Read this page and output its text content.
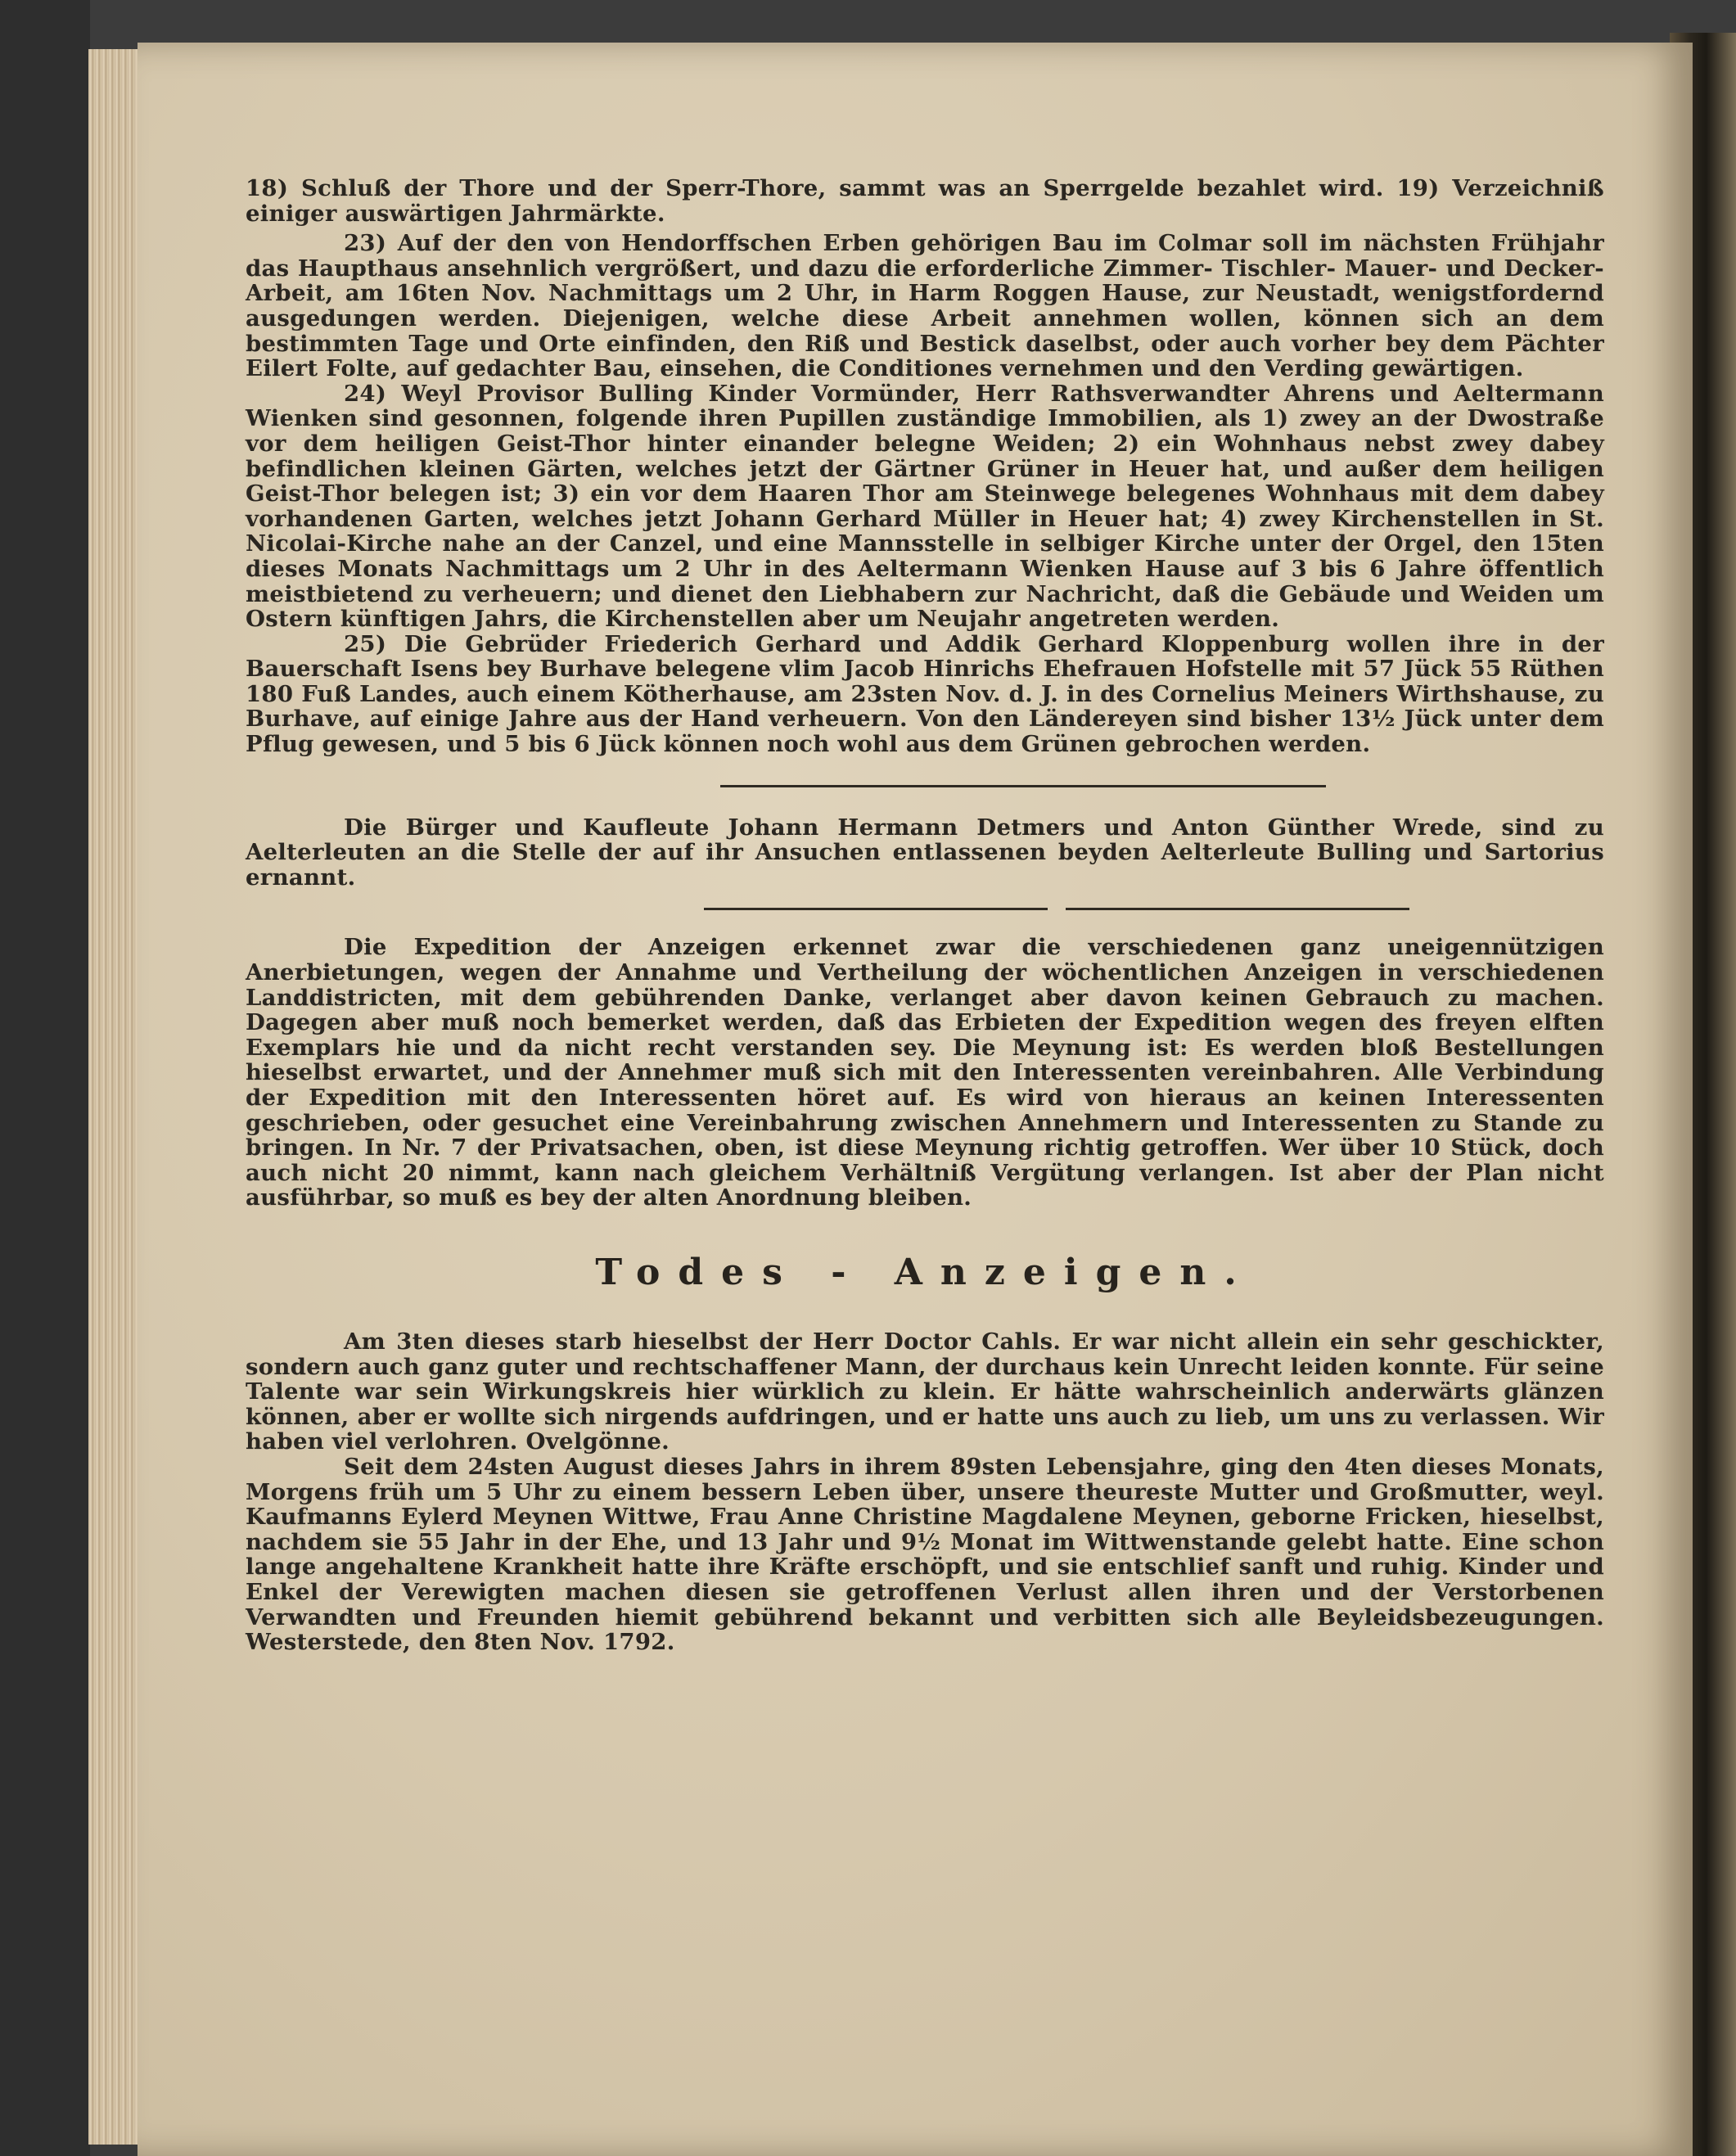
18) Schluß der Thore und der Sperr-Thore, sammt was an Sperrgelde bezahlet wird. 19) Verzeichniß einiger auswärtigen Jahrmärkte.

23) Auf der den von Hendorffschen Erben gehörigen Bau im Colmar soll im nächsten Frühjahr das Haupthaus ansehnlich vergrößert, und dazu die erforderliche Zimmer- Tischler- Mauer- und Decker-Arbeit, am 16ten Nov. Nachmittags um 2 Uhr, in Harm Roggen Hause, zur Neustadt, wenigstfordernd ausgedungen werden. Diejenigen, welche diese Arbeit annehmen wollen, können sich an dem bestimmten Tage und Orte einfinden, den Riß und Bestick daselbst, oder auch vorher bey dem Pächter Eilert Folte, auf gedachter Bau, einsehen, die Conditiones vernehmen und den Verding gewärtigen.

24) Weyl Provisor Bulling Kinder Vormünder, Herr Rathsverwandter Ahrens und Aeltermann Wienken sind gesonnen, folgende ihren Pupillen zuständige Immobilien, als 1) zwey an der Dwostraße vor dem heiligen Geist-Thor hinter einander belegne Weiden; 2) ein Wohnhaus nebst zwey dabey befindlichen kleinen Gärten, welches jetzt der Gärtner Grüner in Heuer hat, und außer dem heiligen Geist-Thor belegen ist; 3) ein vor dem Haaren Thor am Steinwege belegenes Wohnhaus mit dem dabey vorhandenen Garten, welches jetzt Johann Gerhard Müller in Heuer hat; 4) zwey Kirchenstellen in St. Nicolai-Kirche nahe an der Canzel, und eine Mannsstelle in selbiger Kirche unter der Orgel, den 15ten dieses Monats Nachmittags um 2 Uhr in des Aeltermann Wienken Hause auf 3 bis 6 Jahre öffentlich meistbietend zu verheuern; und dienet den Liebhabern zur Nachricht, daß die Gebäude und Weiden um Ostern künftigen Jahrs, die Kirchenstellen aber um Neujahr angetreten werden.

25) Die Gebrüder Friederich Gerhard und Addik Gerhard Kloppenburg wollen ihre in der Bauerschaft Isens bey Burhave belegene vlim Jacob Hinrichs Ehefrauen Hofstelle mit 57 Jück 55 Rüthen 180 Fuß Landes, auch einem Kötherhause, am 23sten Nov. d. J. in des Cornelius Meiners Wirthshause, zu Burhave, auf einige Jahre aus der Hand verheuern. Von den Ländereyen sind bisher 13½ Jück unter dem Pflug gewesen, und 5 bis 6 Jück können noch wohl aus dem Grünen gebrochen werden.

Die Bürger und Kaufleute Johann Hermann Detmers und Anton Günther Wrede, sind zu Aelterleuten an die Stelle der auf ihr Ansuchen entlassenen beyden Aelterleute Bulling und Sartorius ernannt.

Die Expedition der Anzeigen erkennet zwar die verschiedenen ganz uneigennützigen Anerbietungen, wegen der Annahme und Vertheilung der wöchentlichen Anzeigen in verschiedenen Landdistricten, mit dem gebührenden Danke, verlanget aber davon keinen Gebrauch zu machen. Dagegen aber muß noch bemerket werden, daß das Erbieten der Expedition wegen des freyen elften Exemplars hie und da nicht recht verstanden sey. Die Meynung ist: Es werden bloß Bestellungen hieselbst erwartet, und der Annehmer muß sich mit den Interessenten vereinbahren. Alle Verbindung der Expedition mit den Interessenten höret auf. Es wird von hieraus an keinen Interessenten geschrieben, oder gesuchet eine Vereinbahrung zwischen Annehmern und Interessenten zu Stande zu bringen. In Nr. 7 der Privatsachen, oben, ist diese Meynung richtig getroffen. Wer über 10 Stück, doch auch nicht 20 nimmt, kann nach gleichem Verhältniß Vergütung verlangen. Ist aber der Plan nicht ausführbar, so muß es bey der alten Anordnung bleiben.

Todes - Anzeigen.

Am 3ten dieses starb hieselbst der Herr Doctor Cahls. Er war nicht allein ein sehr geschickter, sondern auch ganz guter und rechtschaffener Mann, der durchaus kein Unrecht leiden konnte. Für seine Talente war sein Wirkungskreis hier würklich zu klein. Er hätte wahrscheinlich anderwärts glänzen können, aber er wollte sich nirgends aufdringen, und er hatte uns auch zu lieb, um uns zu verlassen. Wir haben viel verlohren. Ovelgönne.

Seit dem 24sten August dieses Jahrs in ihrem 89sten Lebensjahre, ging den 4ten dieses Monats, Morgens früh um 5 Uhr zu einem bessern Leben über, unsere theureste Mutter und Großmutter, weyl. Kaufmanns Eylerd Meynen Wittwe, Frau Anne Christine Magdalene Meynen, geborne Fricken, hieselbst, nachdem sie 55 Jahr in der Ehe, und 13 Jahr und 9½ Monat im Wittwenstande gelebt hatte. Eine schon lange angehaltene Krankheit hatte ihre Kräfte erschöpft, und sie entschlief sanft und ruhig. Kinder und Enkel der Verewigten machen diesen sie getroffenen Verlust allen ihren und der Verstorbenen Verwandten und Freunden hiemit gebührend bekannt und verbitten sich alle Beyleidsbezeugungen. Westerstede, den 8ten Nov. 1792.
